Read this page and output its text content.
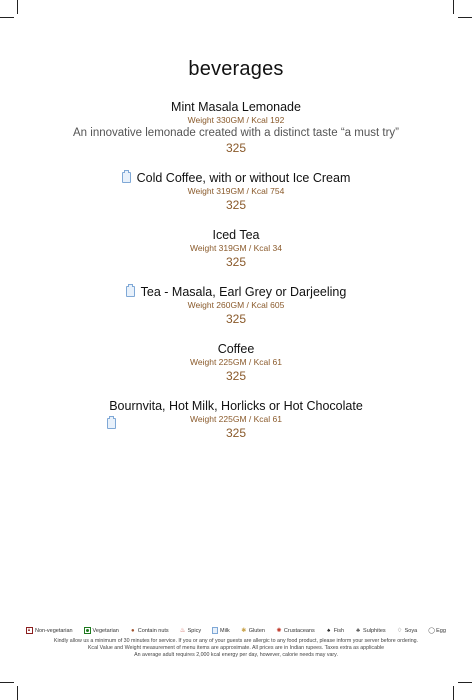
beverages
Mint Masala Lemonade
Weight 330GM / Kcal 192
An innovative lemonade created with a distinct taste “a must try”
325
Cold Coffee, with or without Ice Cream
Weight 319GM / Kcal 754
325
Iced Tea
Weight 319GM / Kcal 34
325
Tea - Masala, Earl Grey or Darjeeling
Weight 260GM / Kcal 605
325
Coffee
Weight 225GM / Kcal 61
325
Bournvita, Hot Milk, Horlicks or Hot Chocolate
Weight 225GM / Kcal 61
325
Non-vegetarian	Vegetarian ● Contain nuts ♨ Spicy	Milk ✱ Gluten ✺ Crustaceans ♠ Fish ♣ Sulphites ♢ Soya ◯ Egg
Kindly allow us a minimum of 30 minutes for service. If you or any of your guests are allergic to any food product, please inform your server before ordering.
Kcal Value and Weight measurement of menu items are approximate. All prices are in Indian rupees. Taxes extra as applicable
An average adult requires 2,000 kcal energy per day, however, calorie needs may vary.
